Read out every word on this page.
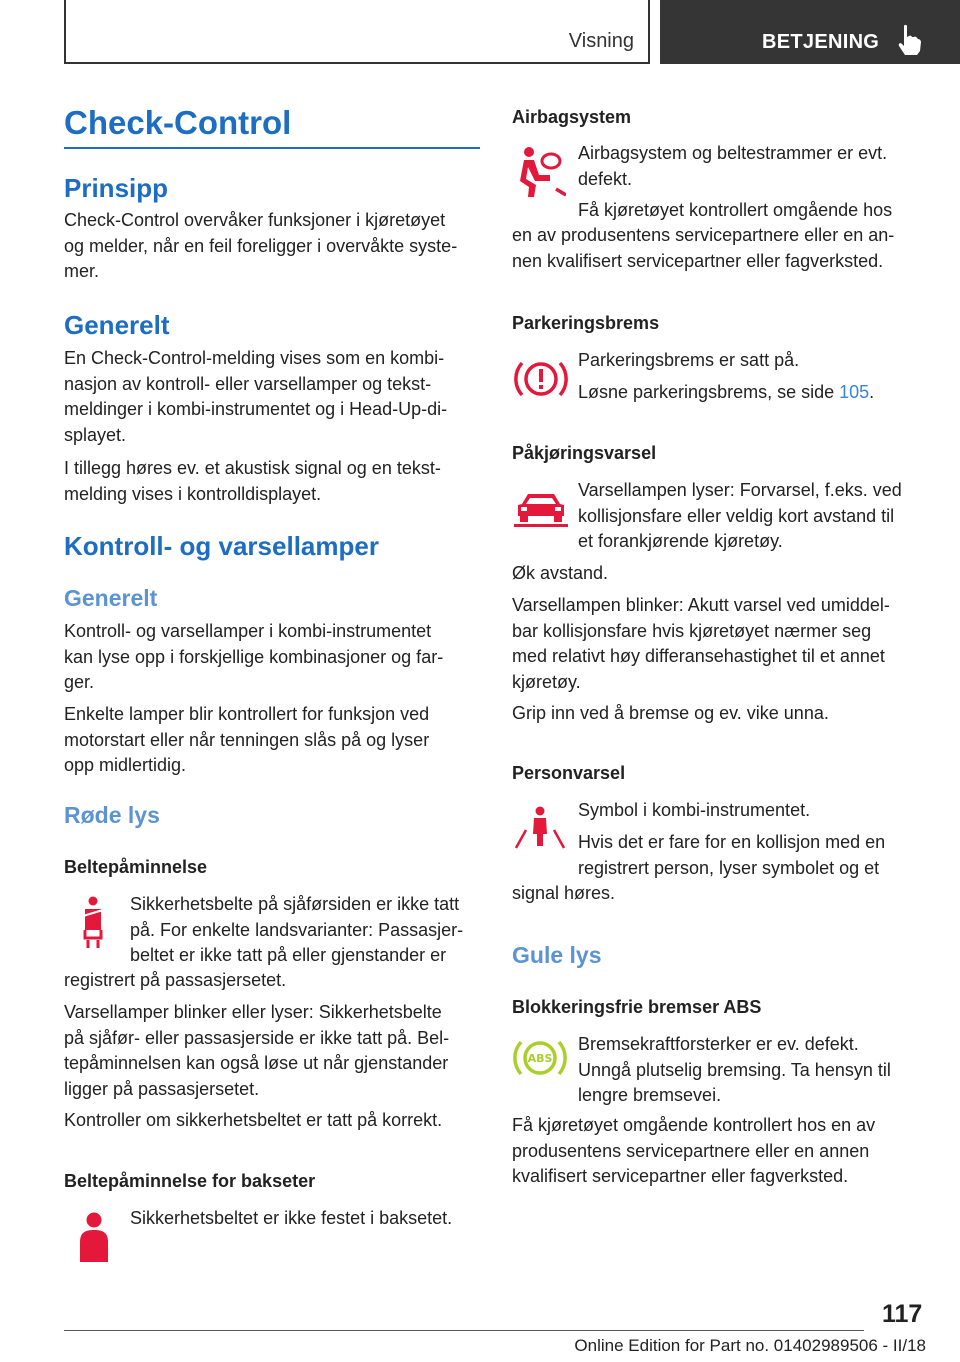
Visning	BETJENING
Check-Control
Prinsipp
Check-Control overvåker funksjoner i kjøretøyet
og melder, når en feil foreligger i overvåkte syste‐
mer.
Generelt
En Check-Control-melding vises som en kombi‐
nasjon av kontroll- eller varsellamper og tekst‐
meldinger i kombi-instrumentet og i Head-Up-di‐
splayet.
I tillegg høres ev. et akustisk signal og en tekst‐
melding vises i kontrolldisplayet.
Kontroll- og varsellamper
Generelt
Kontroll- og varsellamper i kombi-instrumentet
kan lyse opp i forskjellige kombinasjoner og far‐
ger.
Enkelte lamper blir kontrollert for funksjon ved
motorstart eller når tenningen slås på og lyser
opp midlertidig.
Røde lys
Beltepåminnelse
Sikkerhetsbelte på sjåførsiden er ikke tatt
på. For enkelte landsvarianter: Passasjer‐
beltet er ikke tatt på eller gjenstander er
registrert på passasjersetet.
Varsellamper blinker eller lyser: Sikkerhetsbelte
på sjåfør- eller passasjerside er ikke tatt på. Bel‐
tepåminnelsen kan også løse ut når gjenstander
ligger på passasjersetet.
Kontroller om sikkerhetsbeltet er tatt på korrekt.
Beltepåminnelse for bakseter
Sikkerhetsbeltet er ikke festet i baksetet.
Airbagsystem
Airbagsystem og beltestrammer er evt.
defekt.
Få kjøretøyet kontrollert omgående hos
en av produsentens servicepartnere eller en an‐
nen kvalifisert servicepartner eller fagverksted.
Parkeringsbrems
Parkeringsbrems er satt på.
Løsne parkeringsbrems, se side 105.
Påkjøringsvarsel
Varsellampen lyser: Forvarsel, f.eks. ved
kollisjonsfare eller veldig kort avstand til
et forankjørende kjøretøy.
Øk avstand.
Varsellampen blinker: Akutt varsel ved umiddel‐
bar kollisjonsfare hvis kjøretøyet nærmer seg
med relativt høy differansehastighet til et annet
kjøretøy.
Grip inn ved å bremse og ev. vike unna.
Personvarsel
Symbol i kombi-instrumentet.
Hvis det er fare for en kollisjon med en
registrert person, lyser symbolet og et
signal høres.
Gule lys
Blokkeringsfrie bremser ABS
ABS
Bremsekraftforsterker er ev. defekt.
Unngå plutselig bremsing. Ta hensyn til
lengre bremsevei.
Få kjøretøyet omgående kontrollert hos en av
produsentens servicepartnere eller en annen
kvalifisert servicepartner eller fagverksted.
117
Online Edition for Part no. 01402989506 - II/18
